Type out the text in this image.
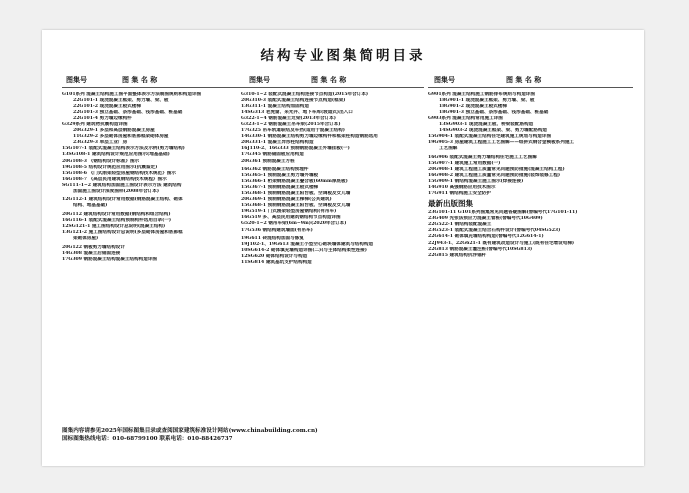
结构专业图集简明目录
图集号	图 集 名 称
G101系列 混凝土结构施工图平面整体表示方法制图规则和构造详图
22G101-1 现浇混凝土框架、剪力墙、梁、板
22G101-2 现浇混凝土板式楼梯
22G101-3 独立基础、条形基础、筏形基础、桩基础
22G101-4 剪力墙边缘构件
G329系列 建筑物抗震构造详图
20G329-1 多层和高层钢筋混凝土房屋
11G329-2 多层砌体房屋和底部框架砌体房屋
23G329-3 单层工业厂房
15G107-1 装配式混凝土结构表示方法及示例(剪力墙结构)
13SG108-1 建筑结构设计规范应用图示(地基基础)
20G108-3 《钢结构设计标准》图示
19G108-5 结构设计规范应用图示(抗震鉴定)
15G108-6 《门式刚架轻型房屋钢结构技术规范》图示
16G108-7 《高层民用建筑钢结构技术规程》图示
SG111-1~2 建筑结构加固施工图设计表示方法 建筑结构
加固施工图设计深度图样(2008年合订本)
12G112-1 建筑结构设计常用数据(钢筋混凝土结构、砌体
结构、地基基础)
20G112 建筑结构设计常用数据(钢结构和组合结构)
16G116-1 装配式混凝土结构预制构件选用目录(一)
12SG121-1 施工图结构设计总说明(混凝土结构)
13G121-2 施工图结构设计总说明(多层砌体房屋和底部框
架砌体房屋)
20G122 钢板剪力墙结构设计
14G308 混凝土后锚固连接
17G309 钢筋混凝土结构混凝土结构构造详图
图集号	图 集 名 称
G310-1~2 装配式混凝土结构连接节点构造(2015年合订本)
20G310-3 装配式混凝土结构连接节点构造(框架)
13G311-1 混凝土结构加固构造
14SG313 老虎窗、采光井、地下车库(坡道式)出入口
G322-1~4 钢筋混凝土过梁(2013年合订本)
G323-1~2 钢筋混凝土吊车梁(2015年合订本)
17G325 吊车轨道联结及车挡(适用于混凝土结构)
14G330-1 钢筋混凝土结构剪力墙边缘构件和框架柱构造钢筋选用
20G331-1 混凝土异形柱结构构造
16J110-2、16G333 预制钢筋混凝土外墙挂板(一)
17G345 钢筋锚固板应用构造
20G361 预制混凝土方桩
16G362 钢筋混凝土结构预埋件
15G365-1 预制混凝土剪力墙外墙板
15G366-1 桁架钢筋混凝土叠合板(60mm厚底板)
15G367-1 预制钢筋混凝土板式楼梯
15G368-1 预制钢筋混凝土阳台板、空调板及女儿墙
20G369-1 预制钢筋混凝土梯梯(公共建筑)
15G368-1 预制钢筋混凝土阳台板、空调板及女儿墙
19G519-1 门式刚架轻型房屋钢结构(有吊车)
16G519 多、高层民用建筑钢结构节点构造详图
G520-1~2 钢吊车梁(6m~9m)(2020年合订本)
17G536 钢结构建筑墙面(有吊车)
19G611 砖混结构加固与修复
19J102-1、19G613 混凝土小型空心砌块墙体建筑与结构构造
10SG614-2 砌体填充墙构造详图(二)(与主体结构柔性连接)
12SG620 砌体结构设计与构造
11SG814 建筑基坑支护结构构造
图集号	图 集 名 称
G901系列 混凝土结构施工钢筋排布规则与构造详图
18G901-1 现浇混凝土框架、剪力墙、梁、板
18G901-2 现浇混凝土板式楼梯
18G901-3 独立基础、条形基础、筏形基础、桩基础
G903系列 混凝土结构常用施工详图
13SG903-1 现浇混凝土板、桥梁装配筋构造
14SG903-2 现浇混凝土框架、梁、剪力墙配筋构造
15G904-1 装配式混凝土结构住宅建筑施工规划与构造详图
19G905-3 房屋建筑工程施工工艺图解——组拼式钢合金模板系列施工
工艺图解
16G906 装配式混凝土剪力墙结构住宅施工工艺图解
15G907-1 建筑施工常用数据(一)
20G908-1 建筑工程施工质量常见问题预防措施(混凝土结构工程)
16G908-2 建筑工程施工质量常见问题预防措施(装饰装修工程)
15G909-1 钢结构混凝土施工图示(焊接连接)
14G910 高强钢筋应用技术图示
17G911 钢结构施工安全防护
最新出版图集
23G101-11 G101系列图集常见问题答疑图解(替编号代17G101-11)
23G409 先张法预应力混凝土管桩(替编号代10G409)
22G522-1 钢结构装配混凝土
23G523-1 装配式混凝土结合石构件设计(替编号代04SG523)
22G614-1 砌体填充墙结构构造(替编号代12G614-1)
22J943-1、22G621-1 既有建筑改造设计与施工(既有住宅增设电梯)
22G813 钢筋混凝土灌注桩(替编号代10SG813)
22G815 建筑结构抗浮锚杆
图集内容请参见2025年国标图集目录或查阅国家建筑标准设计网站(www.chinabuilding.com.cn)
国标图集热线电话：010-68799100 联系电话：010-88426737
